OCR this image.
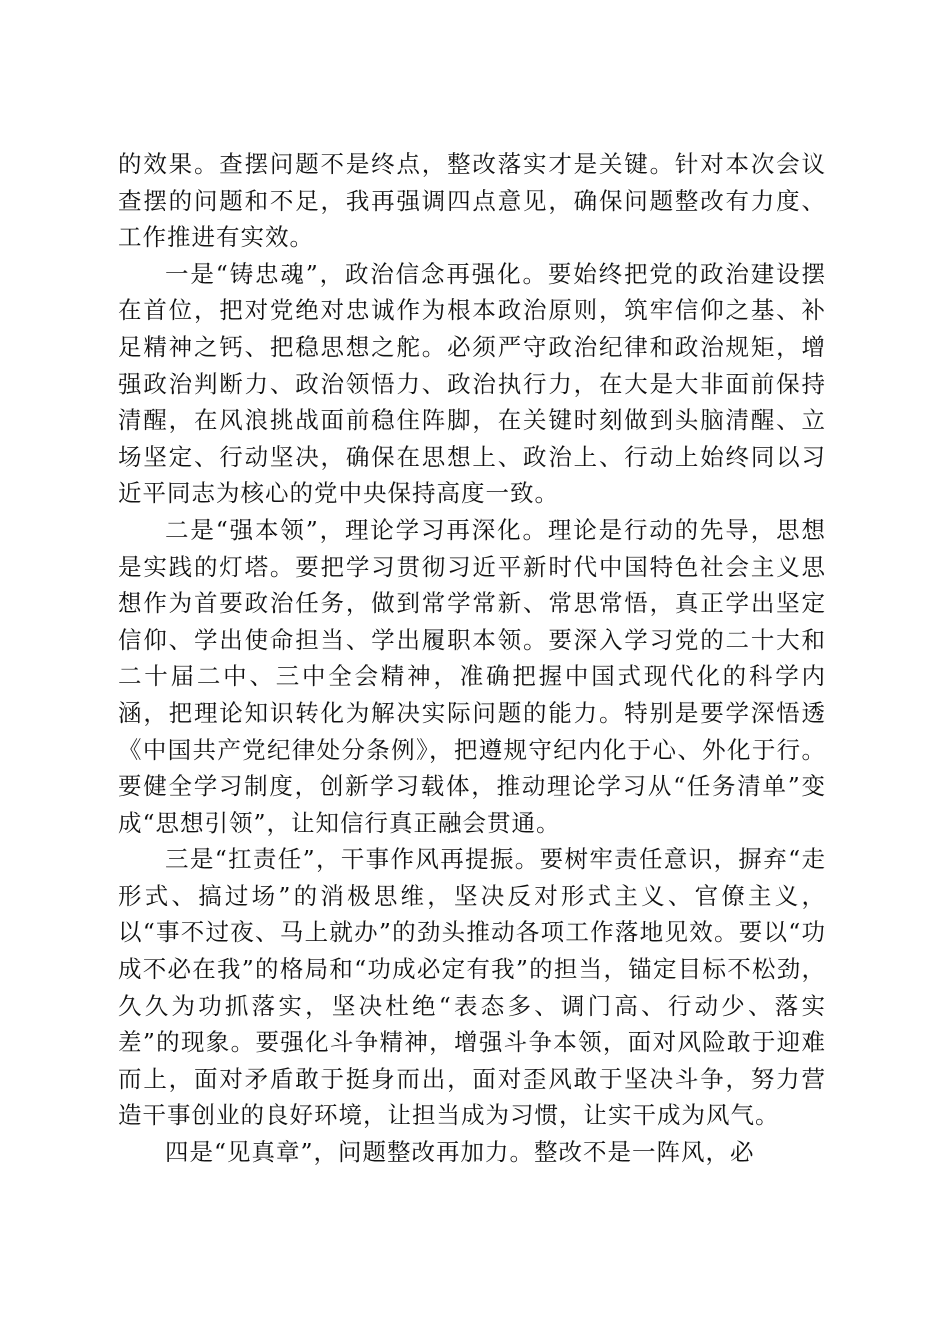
的效果。查摆问题不是终点，整改落实才是关键。针对本次会议查摆的问题和不足，我再强调四点意见，确保问题整改有力度、工作推进有实效。

一是“铸忠魂”，政治信念再强化。要始终把党的政治建设摆在首位，把对党绝对忠诚作为根本政治原则，筑牢信仰之基、补足精神之钙、把稳思想之舵。必须严守政治纪律和政治规矩，增强政治判断力、政治领悟力、政治执行力，在大是大非面前保持清醒，在风浪挑战面前稳住阵脚，在关键时刻做到头脑清醒、立场坚定、行动坚决，确保在思想上、政治上、行动上始终同以习近平同志为核心的党中央保持高度一致。

二是“强本领”，理论学习再深化。理论是行动的先导，思想是实践的灯塔。要把学习贯彻习近平新时代中国特色社会主义思想作为首要政治任务，做到常学常新、常思常悟，真正学出坚定信仰、学出使命担当、学出履职本领。要深入学习党的二十大和二十届二中、三中全会精神，准确把握中国式现代化的科学内涵，把理论知识转化为解决实际问题的能力。特别是要学深悟透《中国共产党纪律处分条例》，把遵规守纪内化于心、外化于行。要健全学习制度，创新学习载体，推动理论学习从“任务清单”变成“思想引领”，让知信行真正融会贯通。

三是“扛责任”，干事作风再提振。要树牢责任意识，摒弃“走形式、搞过场”的消极思维，坚决反对形式主义、官僚主义，以“事不过夜、马上就办”的劲头推动各项工作落地见效。要以“功成不必在我”的格局和“功成必定有我”的担当，锚定目标不松劲，久久为功抓落实，坚决杜绝“表态多、调门高、行动少、落实差”的现象。要强化斗争精神，增强斗争本领，面对风险敢于迎难而上，面对矛盾敢于挺身而出，面对歪风敢于坚决斗争，努力营造干事创业的良好环境，让担当成为习惯，让实干成为风气。

四是“见真章”，问题整改再加力。整改不是一阵风，必
